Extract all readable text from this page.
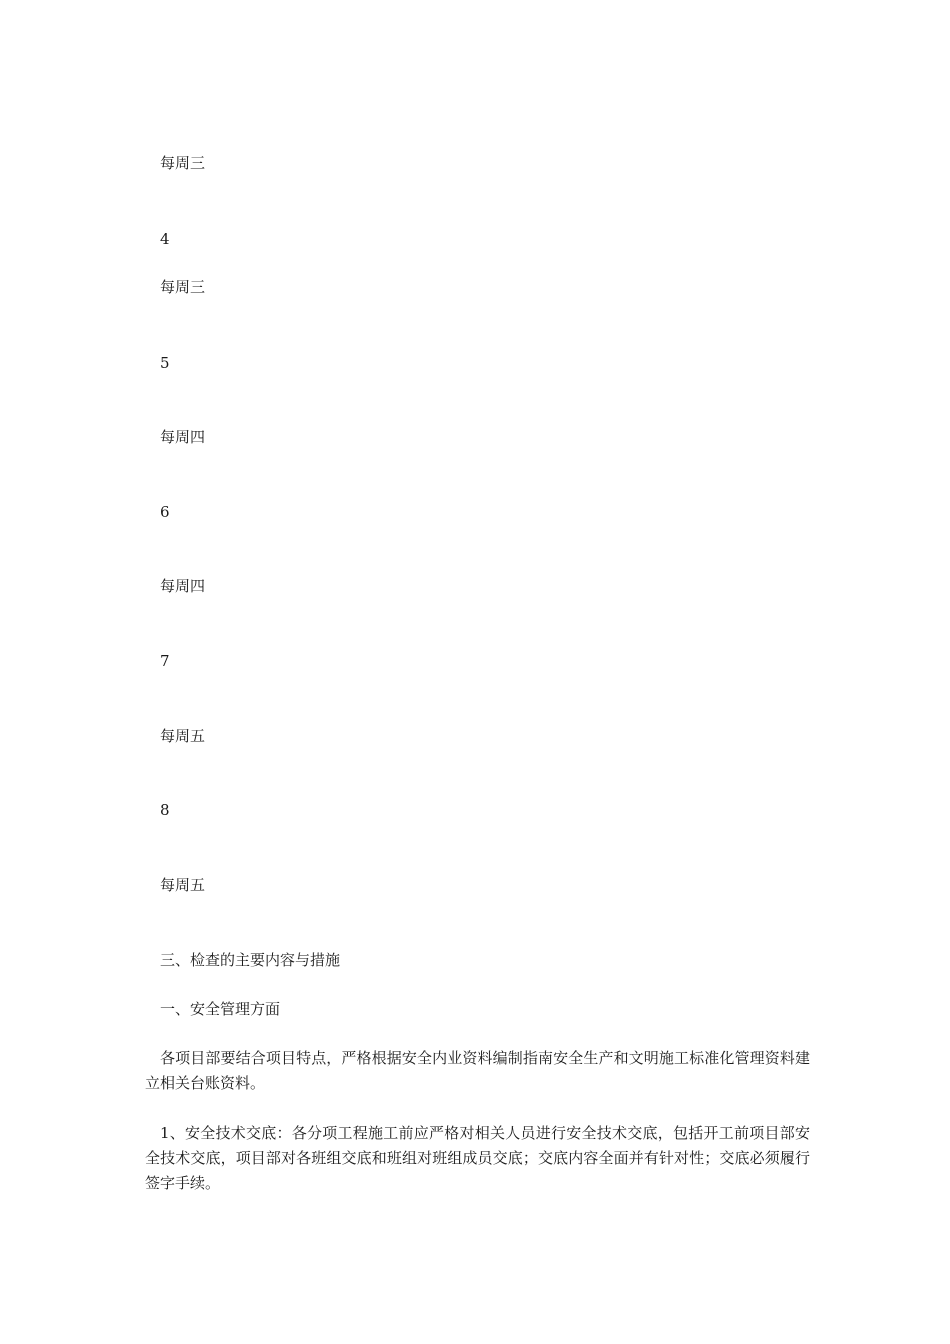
每周三
4
每周三
5
每周四
6
每周四
7
每周五
8
每周五
三、检查的主要内容与措施
一、安全管理方面
各项目部要结合项目特点，严格根据安全内业资料编制指南安全生产和文明施工标准化管理资料建立相关台账资料。
1、安全技术交底：各分项工程施工前应严格对相关人员进行安全技术交底，包括开工前项目部安全技术交底，项目部对各班组交底和班组对班组成员交底；交底内容全面并有针对性；交底必须履行签字手续。
